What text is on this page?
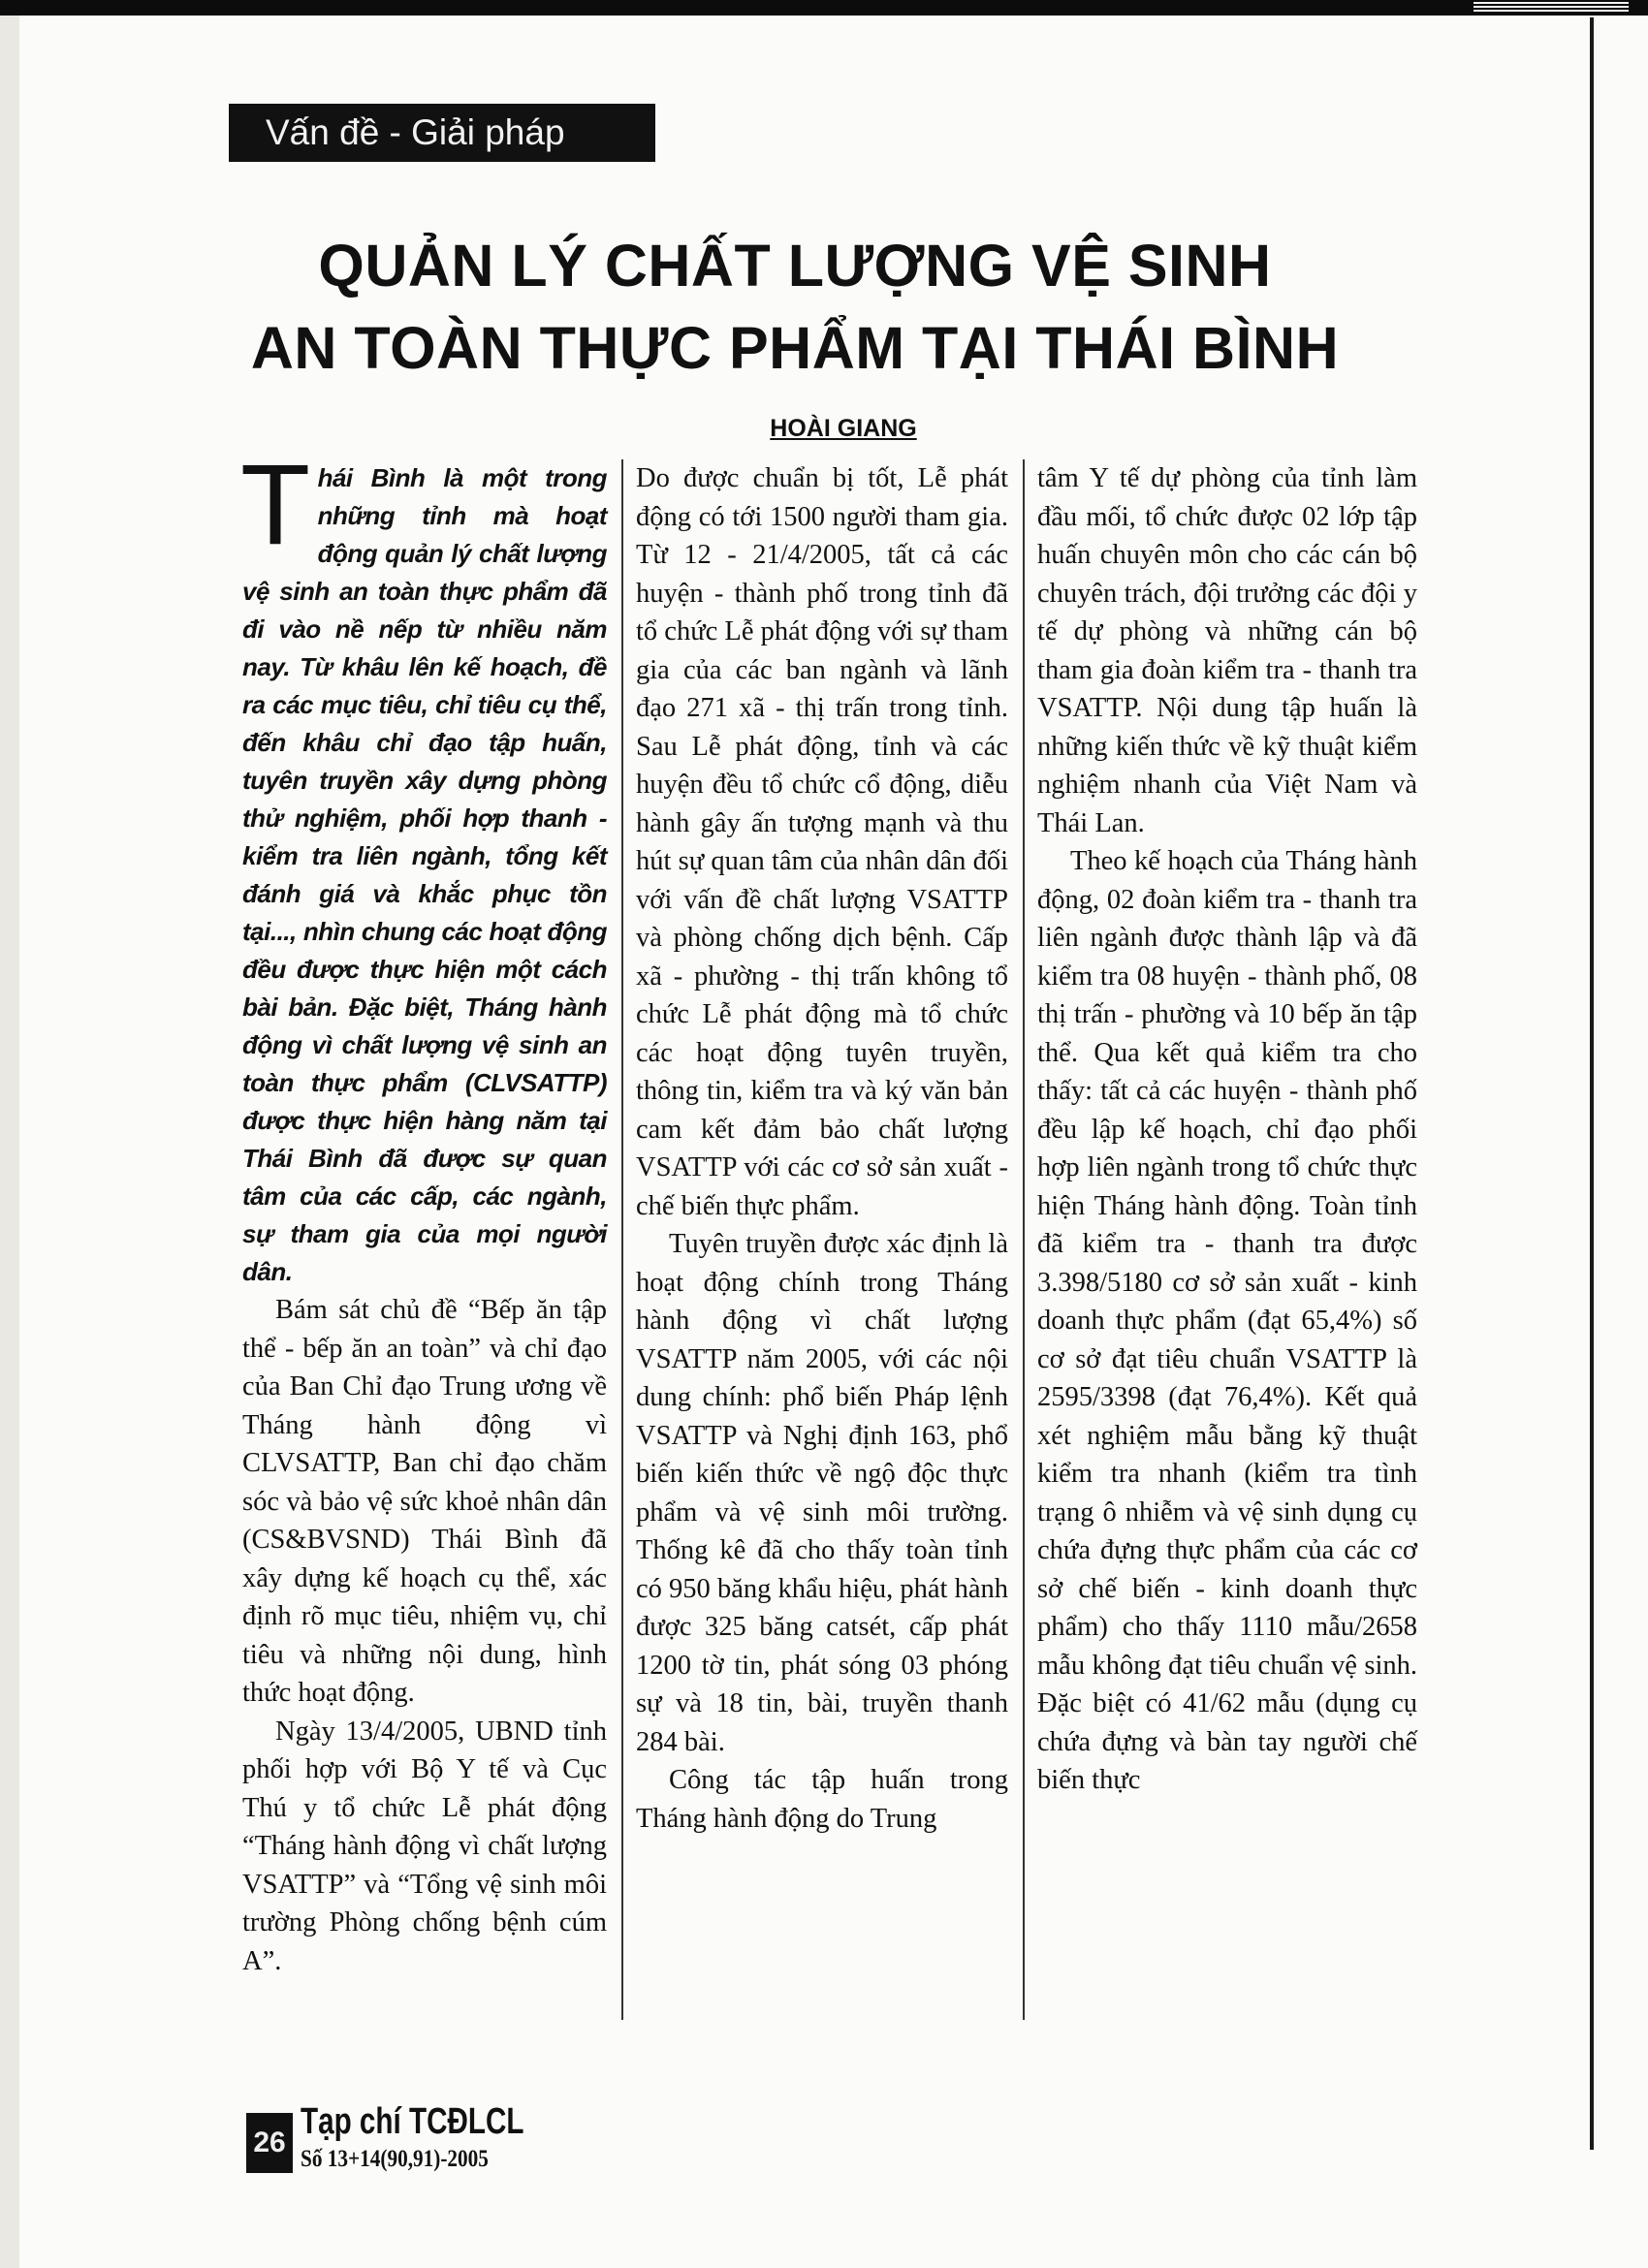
Vấn đề - Giải pháp
QUẢN LÝ CHẤT LƯỢNG VỆ SINH
AN TOÀN THỰC PHẨM TẠI THÁI BÌNH
HOÀI GIANG

Thái Bình là một trong những tỉnh mà hoạt động quản lý chất lượng vệ sinh an toàn thực phẩm đã đi vào nề nếp từ nhiều năm nay. Từ khâu lên kế hoạch, đề ra các mục tiêu, chỉ tiêu cụ thể, đến khâu chỉ đạo tập huấn, tuyên truyền xây dựng phòng thử nghiệm, phối hợp thanh - kiểm tra liên ngành, tổng kết đánh giá và khắc phục tồn tại..., nhìn chung các hoạt động đều được thực hiện một cách bài bản. Đặc biệt, Tháng hành động vì chất lượng vệ sinh an toàn thực phẩm (CLVSATTP) được thực hiện hàng năm tại Thái Bình đã được sự quan tâm của các cấp, các ngành, sự tham gia của mọi người dân.

Bám sát chủ đề “Bếp ăn tập thể - bếp ăn an toàn” và chỉ đạo của Ban Chỉ đạo Trung ương về Tháng hành động vì CLVSATTP, Ban chỉ đạo chăm sóc và bảo vệ sức khoẻ nhân dân (CS&BVSND) Thái Bình đã xây dựng kế hoạch cụ thể, xác định rõ mục tiêu, nhiệm vụ, chỉ tiêu và những nội dung, hình thức hoạt động.

Ngày 13/4/2005, UBND tỉnh phối hợp với Bộ Y tế và Cục Thú y tổ chức Lễ phát động “Tháng hành động vì chất lượng VSATTP” và “Tổng vệ sinh môi trường Phòng chống bệnh cúm A”.

Do được chuẩn bị tốt, Lễ phát động có tới 1500 người tham gia. Từ 12 - 21/4/2005, tất cả các huyện - thành phố trong tỉnh đã tổ chức Lễ phát động với sự tham gia của các ban ngành và lãnh đạo 271 xã - thị trấn trong tỉnh. Sau Lễ phát động, tỉnh và các huyện đều tổ chức cổ động, diễu hành gây ấn tượng mạnh và thu hút sự quan tâm của nhân dân đối với vấn đề chất lượng VSATTP và phòng chống dịch bệnh. Cấp xã - phường - thị trấn không tổ chức Lễ phát động mà tổ chức các hoạt động tuyên truyền, thông tin, kiểm tra và ký văn bản cam kết đảm bảo chất lượng VSATTP với các cơ sở sản xuất - chế biến thực phẩm.

Tuyên truyền được xác định là hoạt động chính trong Tháng hành động vì chất lượng VSATTP năm 2005, với các nội dung chính: phổ biến Pháp lệnh VSATTP và Nghị định 163, phổ biến kiến thức về ngộ độc thực phẩm và vệ sinh môi trường. Thống kê đã cho thấy toàn tỉnh có 950 băng khẩu hiệu, phát hành được 325 băng catsét, cấp phát 1200 tờ tin, phát sóng 03 phóng sự và 18 tin, bài, truyền thanh 284 bài.

Công tác tập huấn trong Tháng hành động do Trung

tâm Y tế dự phòng của tỉnh làm đầu mối, tổ chức được 02 lớp tập huấn chuyên môn cho các cán bộ chuyên trách, đội trưởng các đội y tế dự phòng và những cán bộ tham gia đoàn kiểm tra - thanh tra VSATTP. Nội dung tập huấn là những kiến thức về kỹ thuật kiểm nghiệm nhanh của Việt Nam và Thái Lan.

Theo kế hoạch của Tháng hành động, 02 đoàn kiểm tra - thanh tra liên ngành được thành lập và đã kiểm tra 08 huyện - thành phố, 08 thị trấn - phường và 10 bếp ăn tập thể. Qua kết quả kiểm tra cho thấy: tất cả các huyện - thành phố đều lập kế hoạch, chỉ đạo phối hợp liên ngành trong tổ chức thực hiện Tháng hành động. Toàn tỉnh đã kiểm tra - thanh tra được 3.398/5180 cơ sở sản xuất - kinh doanh thực phẩm (đạt 65,4%) số cơ sở đạt tiêu chuẩn VSATTP là 2595/3398 (đạt 76,4%). Kết quả xét nghiệm mẫu bằng kỹ thuật kiểm tra nhanh (kiểm tra tình trạng ô nhiễm và vệ sinh dụng cụ chứa đựng thực phẩm của các cơ sở chế biến - kinh doanh thực phẩm) cho thấy 1110 mẫu/2658 mẫu không đạt tiêu chuẩn vệ sinh. Đặc biệt có 41/62 mẫu (dụng cụ chứa đựng và bàn tay người chế biến thực

26
Tạp chí TCĐLCL
Số 13+14(90,91)-2005
